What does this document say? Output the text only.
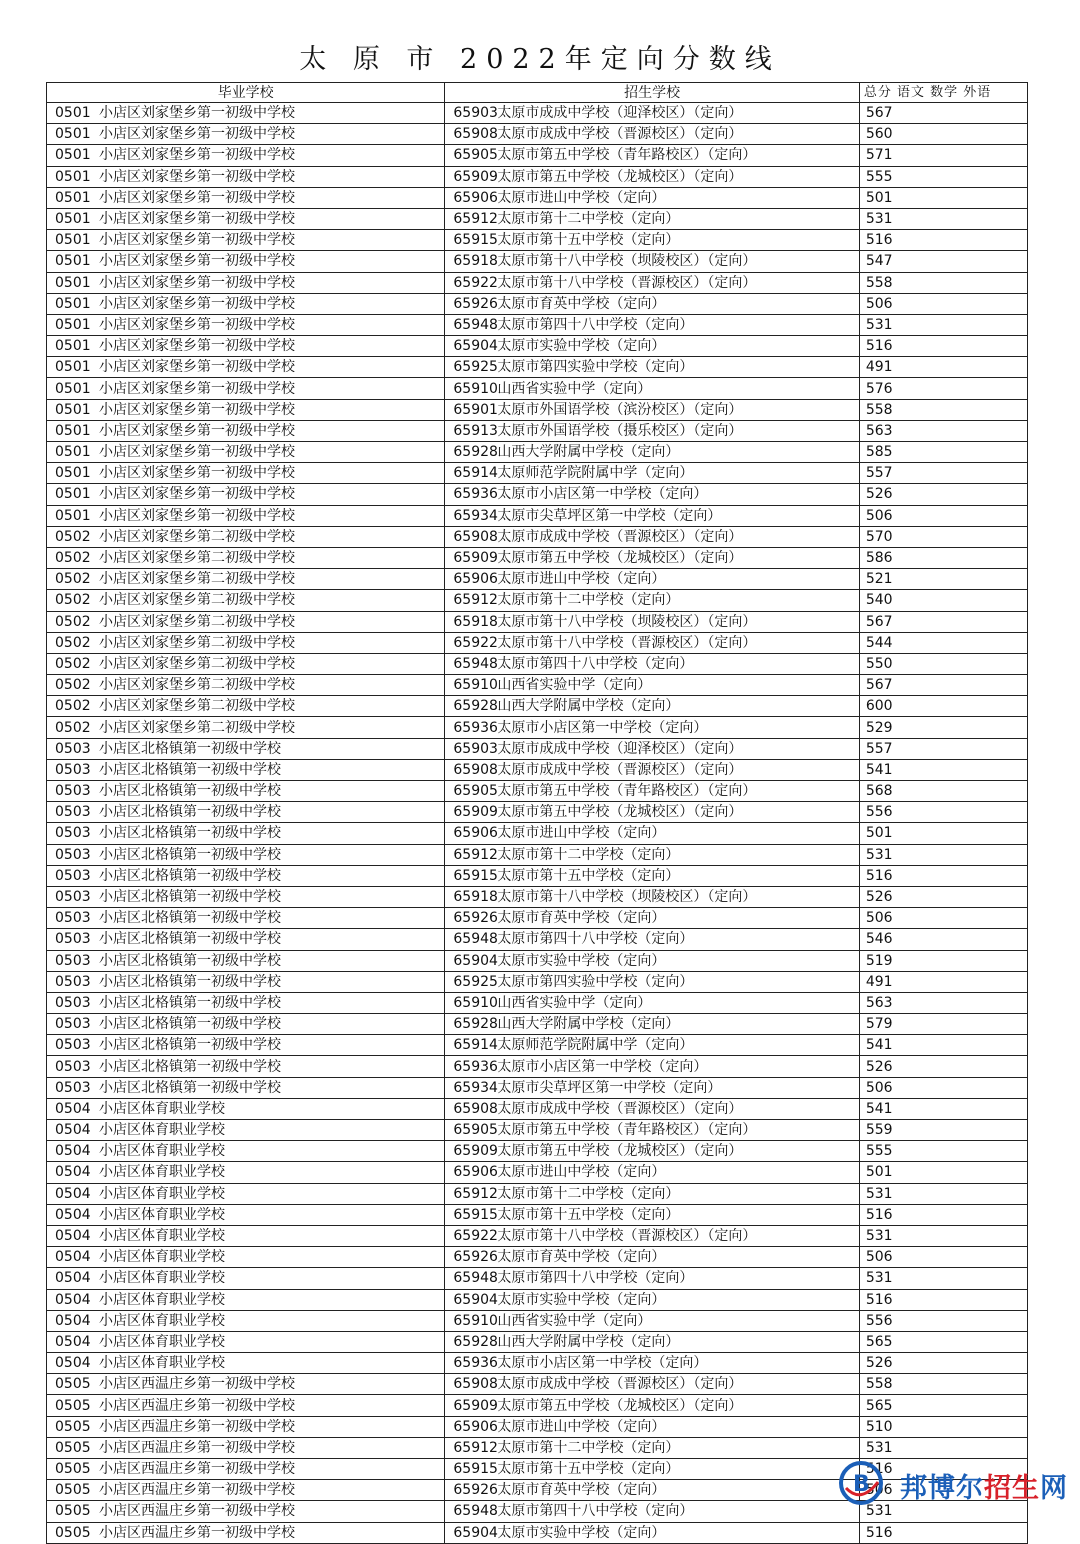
太 原 市 2022年定向分数线
毕业学校	招生学校	总分 语文 数学 外语
0501 小店区刘家堡乡第一初级中学校	65903太原市成成中学校（迎泽校区）（定向）	567
0501 小店区刘家堡乡第一初级中学校	65908太原市成成中学校（晋源校区）（定向）	560
0501 小店区刘家堡乡第一初级中学校	65905太原市第五中学校（青年路校区）（定向）	571
0501 小店区刘家堡乡第一初级中学校	65909太原市第五中学校（龙城校区）（定向）	555
0501 小店区刘家堡乡第一初级中学校	65906太原市进山中学校（定向）	501
0501 小店区刘家堡乡第一初级中学校	65912太原市第十二中学校（定向）	531
0501 小店区刘家堡乡第一初级中学校	65915太原市第十五中学校（定向）	516
0501 小店区刘家堡乡第一初级中学校	65918太原市第十八中学校（坝陵校区）（定向）	547
0501 小店区刘家堡乡第一初级中学校	65922太原市第十八中学校（晋源校区）（定向）	558
0501 小店区刘家堡乡第一初级中学校	65926太原市育英中学校（定向）	506
0501 小店区刘家堡乡第一初级中学校	65948太原市第四十八中学校（定向）	531
0501 小店区刘家堡乡第一初级中学校	65904太原市实验中学校（定向）	516
0501 小店区刘家堡乡第一初级中学校	65925太原市第四实验中学校（定向）	491
0501 小店区刘家堡乡第一初级中学校	65910山西省实验中学（定向）	576
0501 小店区刘家堡乡第一初级中学校	65901太原市外国语学校（滨汾校区）（定向）	558
0501 小店区刘家堡乡第一初级中学校	65913太原市外国语学校（摄乐校区）（定向）	563
0501 小店区刘家堡乡第一初级中学校	65928山西大学附属中学校（定向）	585
0501 小店区刘家堡乡第一初级中学校	65914太原师范学院附属中学（定向）	557
0501 小店区刘家堡乡第一初级中学校	65936太原市小店区第一中学校（定向）	526
0501 小店区刘家堡乡第一初级中学校	65934太原市尖草坪区第一中学校（定向）	506
0502 小店区刘家堡乡第二初级中学校	65908太原市成成中学校（晋源校区）（定向）	570
0502 小店区刘家堡乡第二初级中学校	65909太原市第五中学校（龙城校区）（定向）	586
0502 小店区刘家堡乡第二初级中学校	65906太原市进山中学校（定向）	521
0502 小店区刘家堡乡第二初级中学校	65912太原市第十二中学校（定向）	540
0502 小店区刘家堡乡第二初级中学校	65918太原市第十八中学校（坝陵校区）（定向）	567
0502 小店区刘家堡乡第二初级中学校	65922太原市第十八中学校（晋源校区）（定向）	544
0502 小店区刘家堡乡第二初级中学校	65948太原市第四十八中学校（定向）	550
0502 小店区刘家堡乡第二初级中学校	65910山西省实验中学（定向）	567
0502 小店区刘家堡乡第二初级中学校	65928山西大学附属中学校（定向）	600
0502 小店区刘家堡乡第二初级中学校	65936太原市小店区第一中学校（定向）	529
0503 小店区北格镇第一初级中学校	65903太原市成成中学校（迎泽校区）（定向）	557
0503 小店区北格镇第一初级中学校	65908太原市成成中学校（晋源校区）（定向）	541
0503 小店区北格镇第一初级中学校	65905太原市第五中学校（青年路校区）（定向）	568
0503 小店区北格镇第一初级中学校	65909太原市第五中学校（龙城校区）（定向）	556
0503 小店区北格镇第一初级中学校	65906太原市进山中学校（定向）	501
0503 小店区北格镇第一初级中学校	65912太原市第十二中学校（定向）	531
0503 小店区北格镇第一初级中学校	65915太原市第十五中学校（定向）	516
0503 小店区北格镇第一初级中学校	65918太原市第十八中学校（坝陵校区）（定向）	526
0503 小店区北格镇第一初级中学校	65926太原市育英中学校（定向）	506
0503 小店区北格镇第一初级中学校	65948太原市第四十八中学校（定向）	546
0503 小店区北格镇第一初级中学校	65904太原市实验中学校（定向）	519
0503 小店区北格镇第一初级中学校	65925太原市第四实验中学校（定向）	491
0503 小店区北格镇第一初级中学校	65910山西省实验中学（定向）	563
0503 小店区北格镇第一初级中学校	65928山西大学附属中学校（定向）	579
0503 小店区北格镇第一初级中学校	65914太原师范学院附属中学（定向）	541
0503 小店区北格镇第一初级中学校	65936太原市小店区第一中学校（定向）	526
0503 小店区北格镇第一初级中学校	65934太原市尖草坪区第一中学校（定向）	506
0504 小店区体育职业学校	65908太原市成成中学校（晋源校区）（定向）	541
0504 小店区体育职业学校	65905太原市第五中学校（青年路校区）（定向）	559
0504 小店区体育职业学校	65909太原市第五中学校（龙城校区）（定向）	555
0504 小店区体育职业学校	65906太原市进山中学校（定向）	501
0504 小店区体育职业学校	65912太原市第十二中学校（定向）	531
0504 小店区体育职业学校	65915太原市第十五中学校（定向）	516
0504 小店区体育职业学校	65922太原市第十八中学校（晋源校区）（定向）	531
0504 小店区体育职业学校	65926太原市育英中学校（定向）	506
0504 小店区体育职业学校	65948太原市第四十八中学校（定向）	531
0504 小店区体育职业学校	65904太原市实验中学校（定向）	516
0504 小店区体育职业学校	65910山西省实验中学（定向）	556
0504 小店区体育职业学校	65928山西大学附属中学校（定向）	565
0504 小店区体育职业学校	65936太原市小店区第一中学校（定向）	526
0505 小店区西温庄乡第一初级中学校	65908太原市成成中学校（晋源校区）（定向）	558
0505 小店区西温庄乡第一初级中学校	65909太原市第五中学校（龙城校区）（定向）	565
0505 小店区西温庄乡第一初级中学校	65906太原市进山中学校（定向）	510
0505 小店区西温庄乡第一初级中学校	65912太原市第十二中学校（定向）	531
0505 小店区西温庄乡第一初级中学校	65915太原市第十五中学校（定向）	516
0505 小店区西温庄乡第一初级中学校	65926太原市育英中学校（定向）	506
0505 小店区西温庄乡第一初级中学校	65948太原市第四十八中学校（定向）	531
0505 小店区西温庄乡第一初级中学校	65904太原市实验中学校（定向）	516
B 邦博尔招生网
